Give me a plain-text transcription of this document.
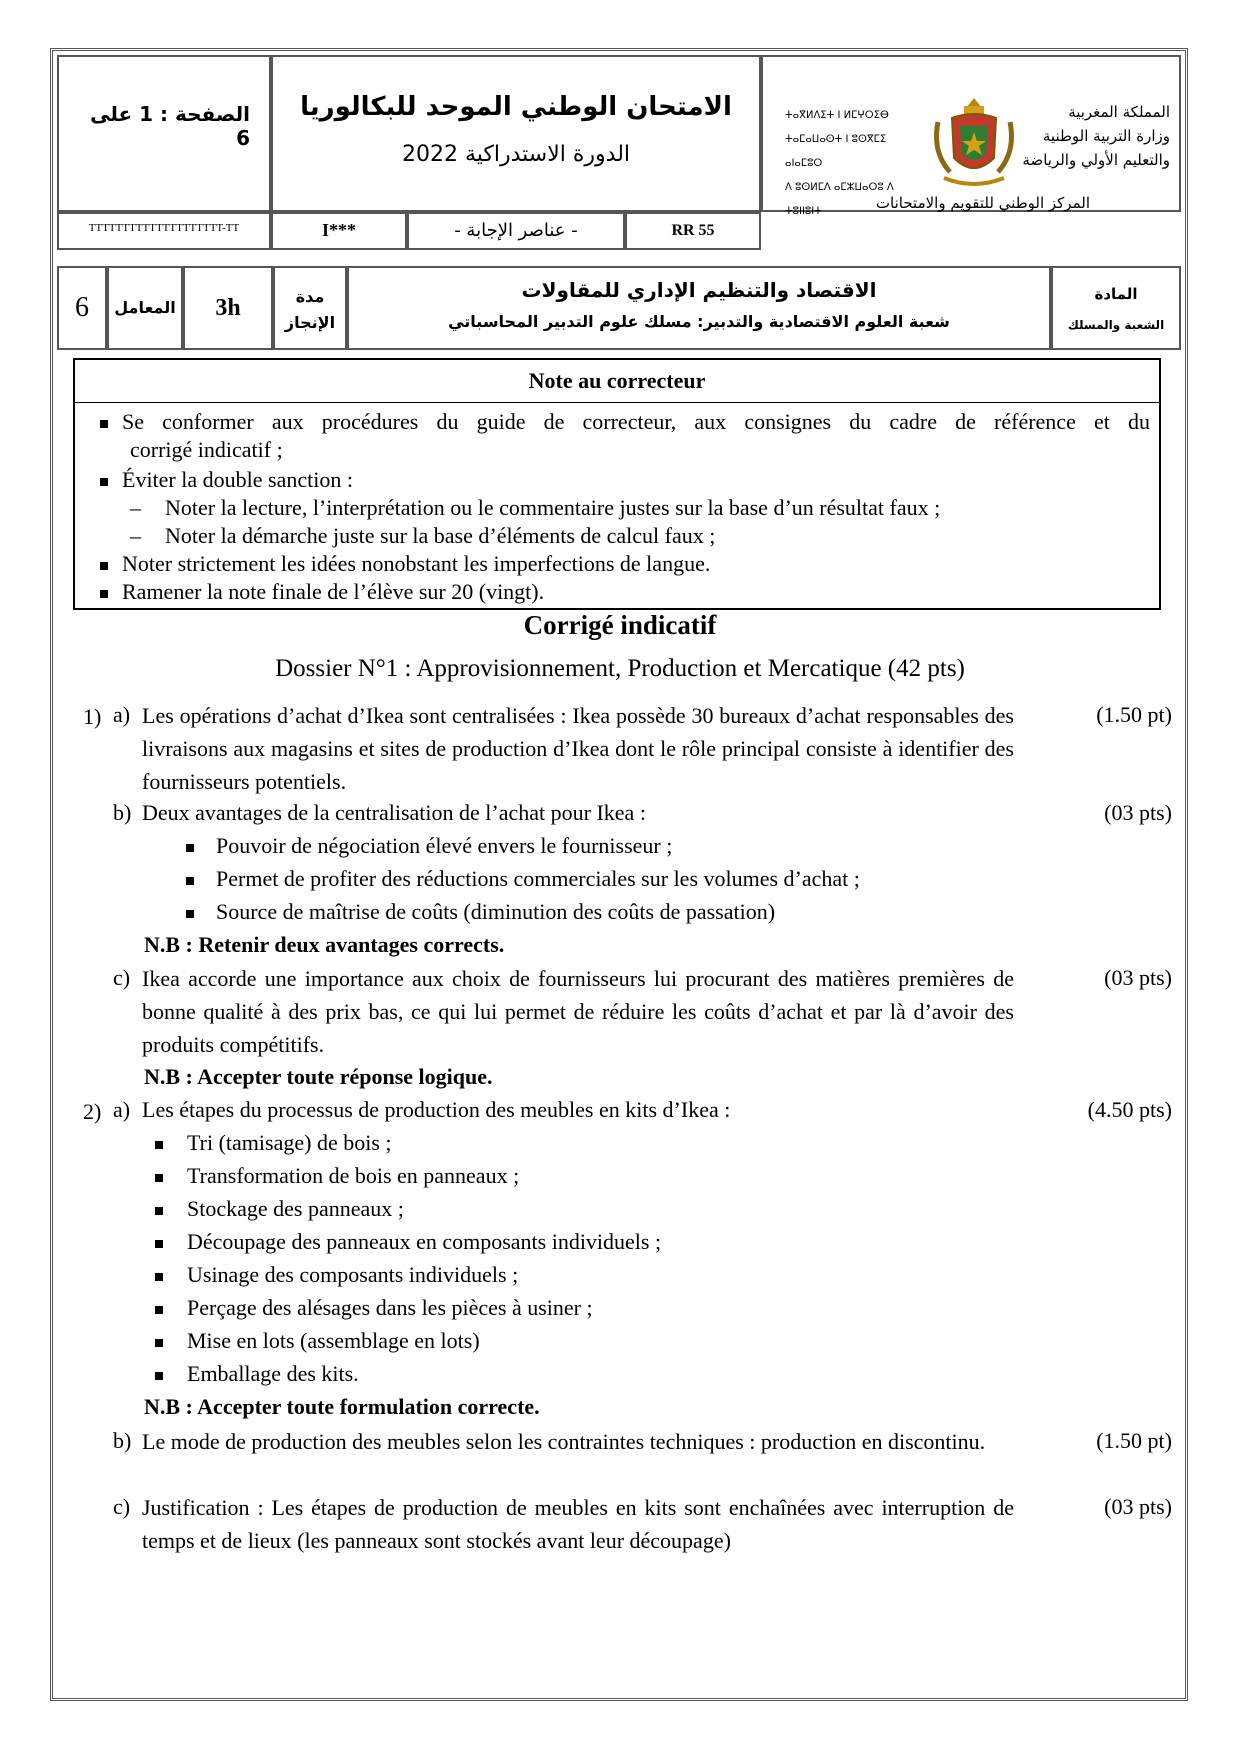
الصفحة : 1 على 6
الامتحان الوطني الموحد للبكالوريا
الدورة الاستدراكية 2022
ⵜⴰⴳⵍⴷⵉⵜ ⵏ ⵍⵎⵖⵔⵉⴱ
ⵜⴰⵎⴰⵡⴰⵙⵜ ⵏ ⵓⵙⴳⵎⵉ ⴰⵏⴰⵎⵓⵔ
ⴷ ⵓⵙⵍⵎⴷ ⴰⵎⵣⵡⴰⵔⵓ ⴷ ⵜⵓⵏⵏⵓⵏⵜ
المملكة المغربية
وزارة التربية الوطنية
والتعليم الأولي والرياضة
المركز الوطني للتقويم والامتحانات
TTTTTTTTTTTTTTTTTTTT-TT	I***	- عناصر الإجابة -	RR 55
6	المعامل	3h	مدة
الإنجاز
الاقتصاد والتنظيم الإداري للمقاولات
شعبة العلوم الاقتصادية والتدبير: مسلك علوم التدبير المحاسباتي
المادة
الشعبة والمسلك
Note au correcteur
Se conformer aux procédures du guide de correcteur, aux consignes du cadre de référence et du
corrigé indicatif ;
Éviter la double sanction :
– Noter la lecture, l’interprétation ou le commentaire justes sur la base d’un résultat faux ;
– Noter la démarche juste sur la base d’éléments de calcul faux ;
Noter strictement les idées nonobstant les imperfections de langue.
Ramener la note finale de l’élève sur 20 (vingt).
Corrigé indicatif
Dossier N°1 : Approvisionnement, Production et Mercatique (42 pts)
1) a) Les opérations d’achat d’Ikea sont centralisées : Ikea possède 30 bureaux d’achat responsables des livraisons aux magasins et sites de production d’Ikea dont le rôle principal consiste à identifier des fournisseurs potentiels.
(1.50 pt)
b) Deux avantages de la centralisation de l’achat pour Ikea :	(03 pts)
Pouvoir de négociation élevé envers le fournisseur ;
Permet de profiter des réductions commerciales sur les volumes d’achat ;
Source de maîtrise de coûts (diminution des coûts de passation)
N.B : Retenir deux avantages corrects.
c) Ikea accorde une importance aux choix de fournisseurs lui procurant des matières premières de bonne qualité à des prix bas, ce qui lui permet de réduire les coûts d’achat et par là d’avoir des produits compétitifs.
(03 pts)
N.B : Accepter toute réponse logique.
2) a) Les étapes du processus de production des meubles en kits d’Ikea :	(4.50 pts)
Tri (tamisage) de bois ;
Transformation de bois en panneaux ;
Stockage des panneaux ;
Découpage des panneaux en composants individuels ;
Usinage des composants individuels ;
Perçage des alésages dans les pièces à usiner ;
Mise en lots (assemblage en lots)
Emballage des kits.
N.B : Accepter toute formulation correcte.
b) Le mode de production des meubles selon les contraintes techniques : production en discontinu.	(1.50 pt)
c) Justification : Les étapes de production de meubles en kits sont enchaînées avec interruption de temps et de lieux (les panneaux sont stockés avant leur découpage)
(03 pts)
